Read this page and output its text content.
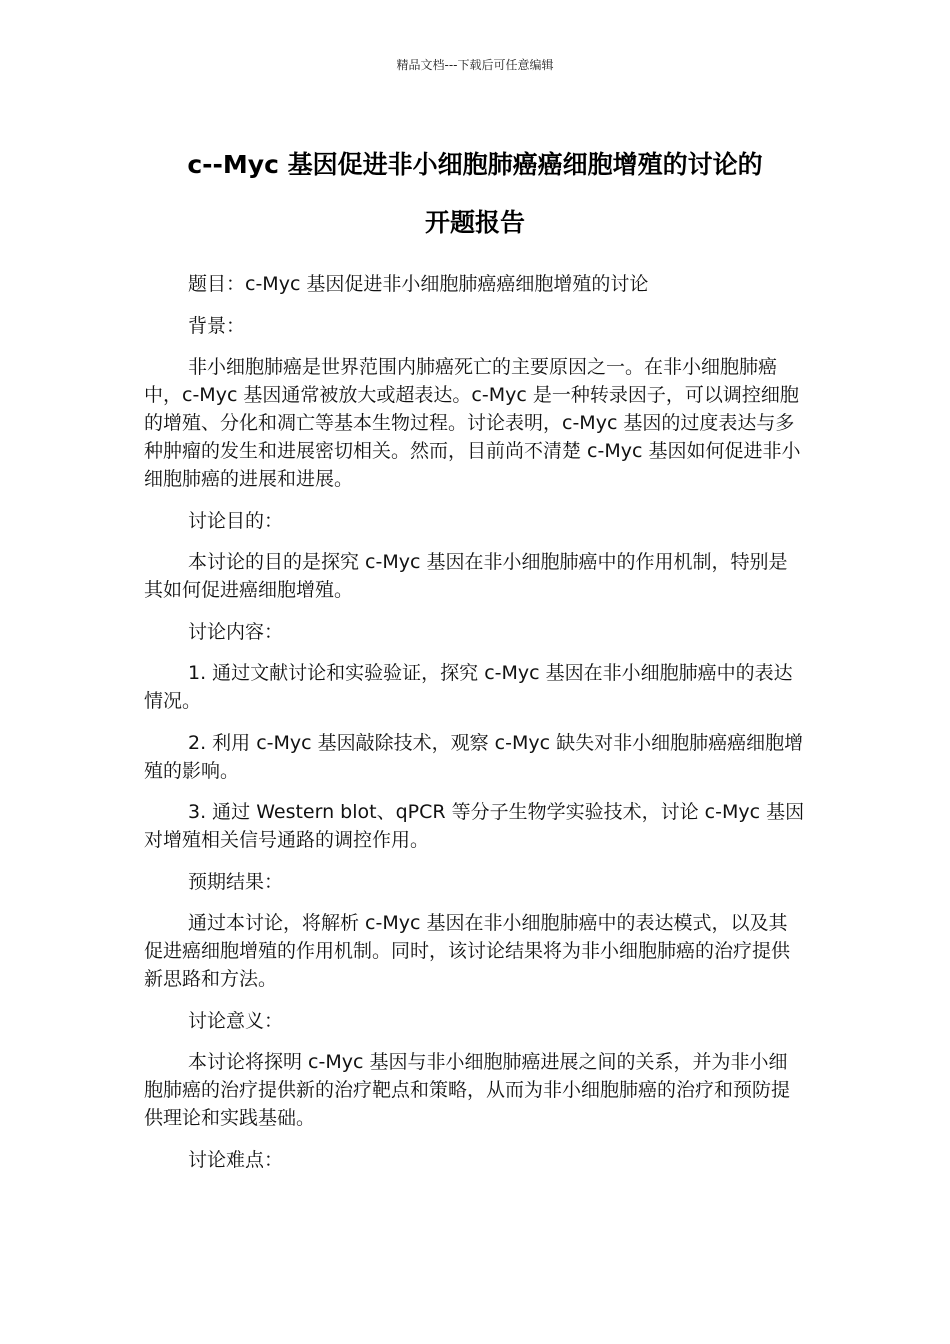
精品文档---下载后可任意编辑
c--Myc 基因促进非小细胞肺癌癌细胞增殖的讨论的
开题报告

题目：c-Myc 基因促进非小细胞肺癌癌细胞增殖的讨论

背景：

非小细胞肺癌是世界范围内肺癌死亡的主要原因之一。在非小细胞肺癌中，c-Myc 基因通常被放大或超表达。c-Myc 是一种转录因子，可以调控细胞的增殖、分化和凋亡等基本生物过程。讨论表明，c-Myc 基因的过度表达与多种肿瘤的发生和进展密切相关。然而，目前尚不清楚 c-Myc 基因如何促进非小细胞肺癌的进展和进展。

讨论目的：

本讨论的目的是探究 c-Myc 基因在非小细胞肺癌中的作用机制，特别是其如何促进癌细胞增殖。

讨论内容：

1. 通过文献讨论和实验验证，探究 c-Myc 基因在非小细胞肺癌中的表达情况。

2. 利用 c-Myc 基因敲除技术，观察 c-Myc 缺失对非小细胞肺癌癌细胞增殖的影响。

3. 通过 Western blot、qPCR 等分子生物学实验技术，讨论 c-Myc 基因对增殖相关信号通路的调控作用。

预期结果：

通过本讨论，将解析 c-Myc 基因在非小细胞肺癌中的表达模式，以及其促进癌细胞增殖的作用机制。同时，该讨论结果将为非小细胞肺癌的治疗提供新思路和方法。

讨论意义：

本讨论将探明 c-Myc 基因与非小细胞肺癌进展之间的关系，并为非小细胞肺癌的治疗提供新的治疗靶点和策略，从而为非小细胞肺癌的治疗和预防提供理论和实践基础。

讨论难点：
